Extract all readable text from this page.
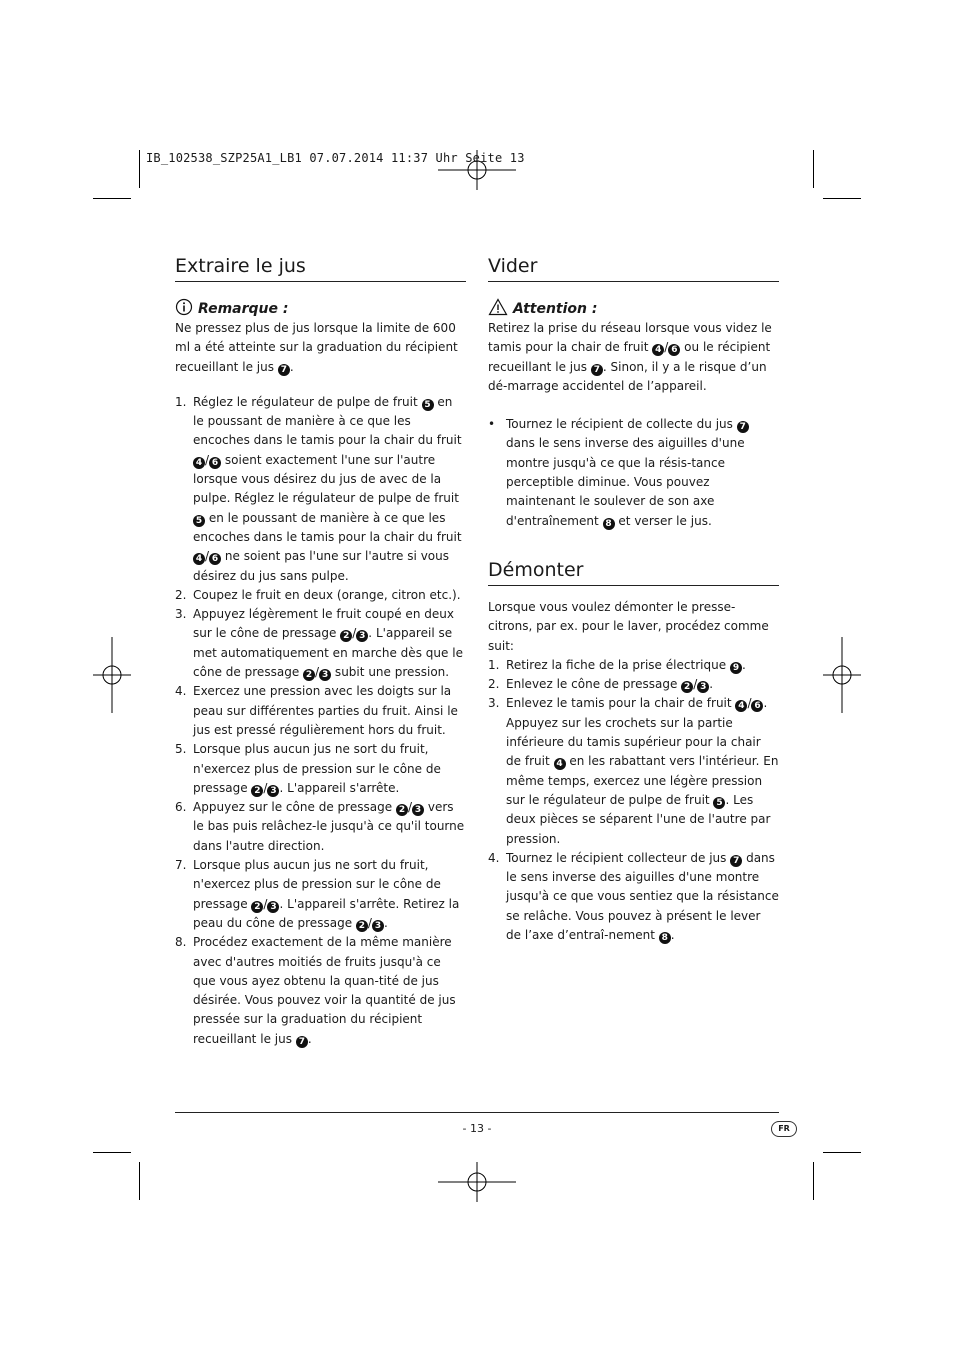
IB_102538_SZP25A1_LB1 07.07.2014 11:37 Uhr Seite 13
Extraire le jus
Remarque :

Ne pressez plus de jus lorsque la limite de 600 ml a été atteinte sur la graduation du récipient recueillant le jus 7 .

1. Réglez le régulateur de pulpe de fruit 5 en le poussant de manière à ce que les encoches dans le tamis pour la chair du fruit 4 / 6 soient exactement l'une sur l'autre lorsque vous désirez du jus de avec de la pulpe. Réglez le régulateur de pulpe de fruit 5 en le poussant de manière à ce que les encoches dans le tamis pour la chair du fruit 4 / 6 ne soient pas l'une sur l'autre si vous désirez du jus sans pulpe.
2. Coupez le fruit en deux (orange, citron etc.).
3. Appuyez légèrement le fruit coupé en deux sur le cône de pressage 2 / 3 . L'appareil se met automatiquement en marche dès que le cône de pressage 2 / 3 subit une pression.
4. Exercez une pression avec les doigts sur la peau sur différentes parties du fruit. Ainsi le jus est pressé régulièrement hors du fruit.
5. Lorsque plus aucun jus ne sort du fruit, n'exercez plus de pression sur le cône de pressage 2 / 3 . L'appareil s'arrête.
6. Appuyez sur le cône de pressage 2 / 3 vers le bas puis relâchez-le jusqu'à ce qu'il tourne dans l'autre direction.
7. Lorsque plus aucun jus ne sort du fruit, n'exercez plus de pression sur le cône de pressage 2 / 3 . L'appareil s'arrête. Retirez la peau du cône de pressage 2 / 3 .
8. Procédez exactement de la même manière avec d'autres moitiés de fruits jusqu'à ce que vous ayez obtenu la quan-tité de jus désirée. Vous pouvez voir la quantité de jus pressée sur la graduation du récipient recueillant le jus 7 .
Vider
Attention :

Retirez la prise du réseau lorsque vous videz le tamis pour la chair de fruit 4 / 6 ou le récipient recueillant le jus 7 . Sinon, il y a le risque d’un dé-marrage accidentel de l’appareil.

• Tournez le récipient de collecte du jus 7 dans le sens inverse des aiguilles d'une montre jusqu'à ce que la résis-tance perceptible diminue. Vous pouvez maintenant le soulever de son axe d'entraînement 8 et verser le jus.
Démonter

Lorsque vous voulez démonter le presse-citrons, par ex. pour le laver, procédez comme suit:

1. Retirez la fche de la prise électrique 9 .
2. Enlevez le cône de pressage 2 / 3 .
3. Enlevez le tamis pour la chair de fruit 4 / 6 . Appuyez sur les crochets sur la partie inférieure du tamis supérieur pour la chair de fruit 4 en les rabattant vers l'intérieur. En même temps, exercez une légère pression sur le régulateur de pulpe de fruit 5 . Les deux pièces se séparent l'une de l'autre par pression.
4. Tournez le récipient collecteur de jus 7 dans le sens inverse des aiguilles d'une montre jusqu'à ce que vous sentiez que la résistance se relâche. Vous pouvez à présent le lever de l’axe d’entraî-nement 8 .
- 13 -	FR
